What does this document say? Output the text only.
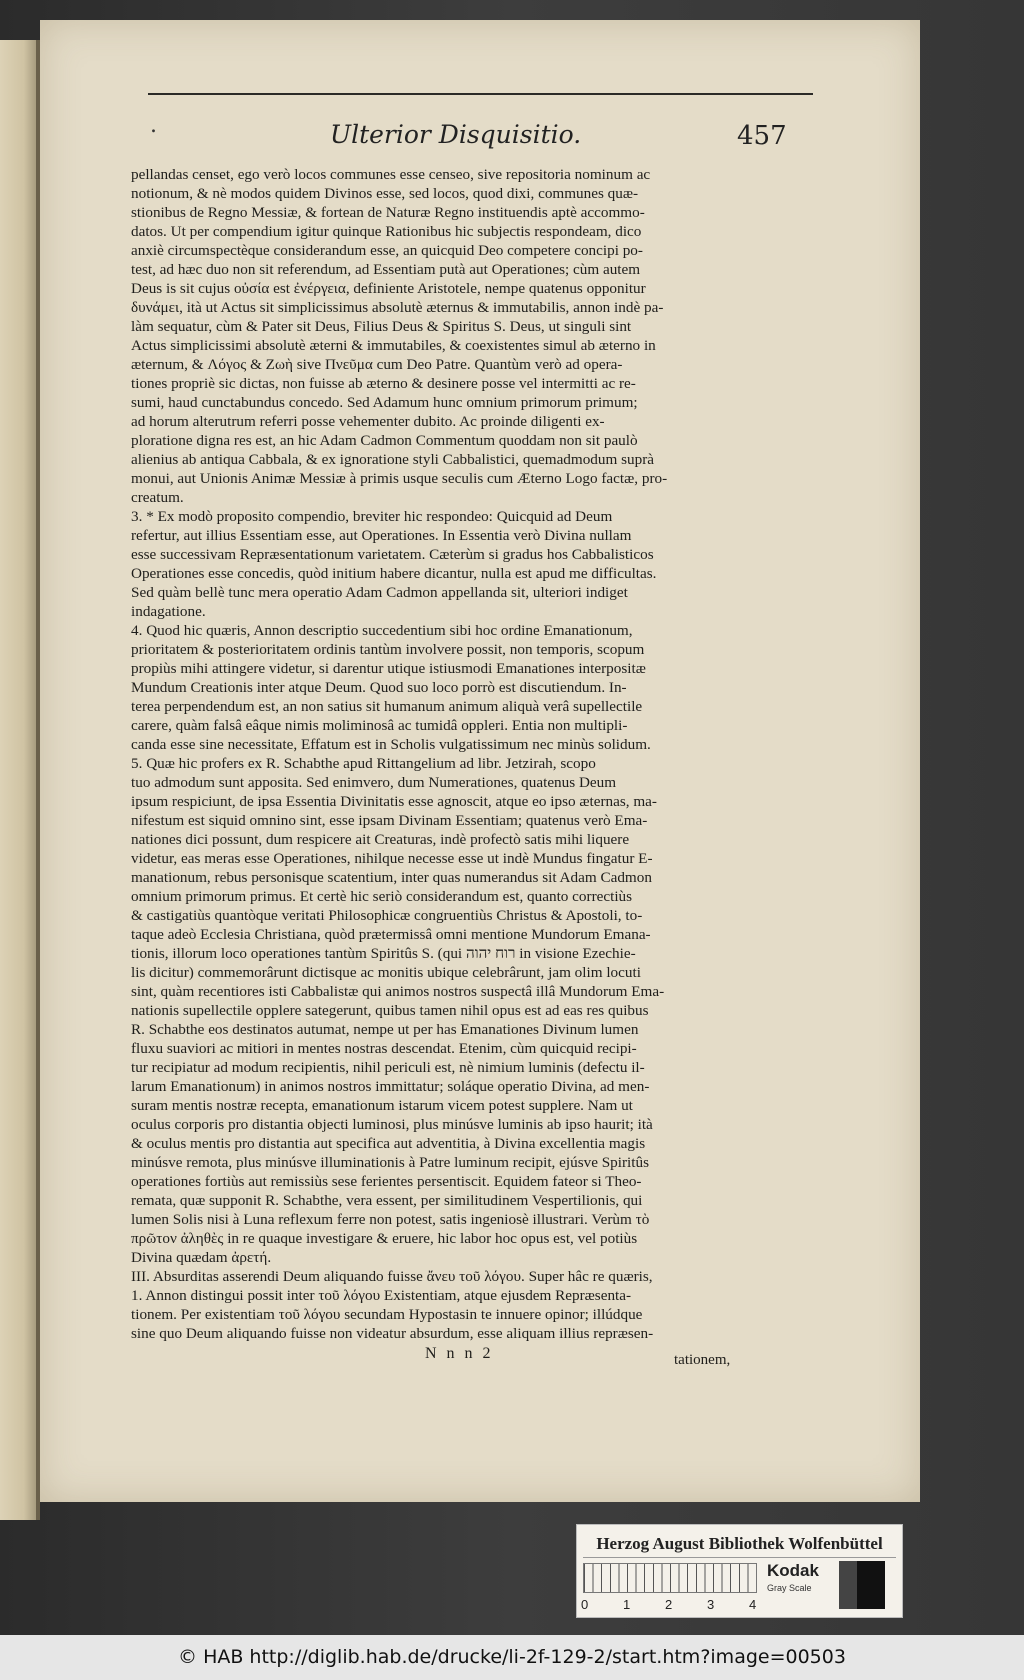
.	Ulterior Disquisitio.	457
pellandas censet, ego verò locos communes esse censeo, sive repositoria nominum ac
notionum, & nè modos quidem Divinos esse, sed locos, quod dixi, communes quæ-
stionibus de Regno Messiæ, & fortean de Naturæ Regno instituendis aptè accommo-
datos. Ut per compendium igitur quinque Rationibus hic subjectis respondeam, dico
anxiè circumspectèque considerandum esse, an quicquid Deo competere concipi po-
test, ad hæc duo non sit referendum, ad Essentiam putà aut Operationes; cùm autem
Deus is sit cujus οὐσία est ἐνέργεια, definiente Aristotele, nempe quatenus opponitur
δυνάμει, ità ut Actus sit simplicissimus absolutè æternus & immutabilis, annon indè pa-
làm sequatur, cùm & Pater sit Deus, Filius Deus & Spiritus S. Deus, ut singuli sint
Actus simplicissimi absolutè æterni & immutabiles, & coexistentes simul ab æterno in
æternum, & Λόγος & Ζωὴ sive Πνεῦμα cum Deo Patre. Quantùm verò ad opera-
tiones propriè sic dictas, non fuisse ab æterno & desinere posse vel intermitti ac re-
sumi, haud cunctabundus concedo. Sed Adamum hunc omnium primorum primum;
ad horum alterutrum referri posse vehementer dubito. Ac proinde diligenti ex-
ploratione digna res est, an hic Adam Cadmon Commentum quoddam non sit paulò
alienius ab antiqua Cabbala, & ex ignoratione styli Cabbalistici, quemadmodum suprà
monui, aut Unionis Animæ Messiæ à primis usque seculis cum Æterno Logo factæ, pro-
creatum.
3. * Ex modò proposito compendio, breviter hic respondeo: Quicquid ad Deum
refertur, aut illius Essentiam esse, aut Operationes. In Essentia verò Divina nullam
esse successivam Repræsentationum varietatem. Cæterùm si gradus hos Cabbalisticos
Operationes esse concedis, quòd initium habere dicantur, nulla est apud me difficultas.
Sed quàm bellè tunc mera operatio Adam Cadmon appellanda sit, ulteriori indiget
indagatione.
4. Quod hic quæris, Annon descriptio succedentium sibi hoc ordine Emanationum,
prioritatem & posterioritatem ordinis tantùm involvere possit, non temporis, scopum
propiùs mihi attingere videtur, si darentur utique istiusmodi Emanationes interpositæ
Mundum Creationis inter atque Deum. Quod suo loco porrò est discutiendum. In-
terea perpendendum est, an non satius sit humanum animum aliquà verâ supellectile
carere, quàm falsâ eâque nimis moliminosâ ac tumidâ oppleri. Entia non multipli-
canda esse sine necessitate, Effatum est in Scholis vulgatissimum nec minùs solidum.
5. Quæ hic profers ex R. Schabthe apud Rittangelium ad libr. Jetzirah, scopo
tuo admodum sunt apposita. Sed enimvero, dum Numerationes, quatenus Deum
ipsum respiciunt, de ipsa Essentia Divinitatis esse agnoscit, atque eo ipso æternas, ma-
nifestum est siquid omnino sint, esse ipsam Divinam Essentiam; quatenus verò Ema-
nationes dici possunt, dum respicere ait Creaturas, indè profectò satis mihi liquere
videtur, eas meras esse Operationes, nihilque necesse esse ut indè Mundus fingatur E-
manationum, rebus personisque scatentium, inter quas numerandus sit Adam Cadmon
omnium primorum primus. Et certè hic seriò considerandum est, quanto correctiùs
& castigatiùs quantòque veritati Philosophicæ congruentiùs Christus & Apostoli, to-
taque adeò Ecclesia Christiana, quòd prætermissâ omni mentione Mundorum Emana-
tionis, illorum loco operationes tantùm Spiritûs S. (qui רוח יהוה in visione Ezechie-
lis dicitur) commemorârunt dictisque ac monitis ubique celebrârunt, jam olim locuti
sint, quàm recentiores isti Cabbalistæ qui animos nostros suspectâ illâ Mundorum Ema-
nationis supellectile opplere sategerunt, quibus tamen nihil opus est ad eas res quibus
R. Schabthe eos destinatos autumat, nempe ut per has Emanationes Divinum lumen
fluxu suaviori ac mitiori in mentes nostras descendat. Etenim, cùm quicquid recipi-
tur recipiatur ad modum recipientis, nihil periculi est, nè nimium luminis (defectu il-
larum Emanationum) in animos nostros immittatur; soláque operatio Divina, ad men-
suram mentis nostræ recepta, emanationum istarum vicem potest supplere. Nam ut
oculus corporis pro distantia objecti luminosi, plus minúsve luminis ab ipso haurit; ità
& oculus mentis pro distantia aut specifica aut adventitia, à Divina excellentia magis
minúsve remota, plus minúsve illuminationis à Patre luminum recipit, ejúsve Spiritûs
operationes fortiùs aut remissiùs sese ferientes persentiscit. Equidem fateor si Theo-
remata, quæ supponit R. Schabthe, vera essent, per similitudinem Vespertilionis, qui
lumen Solis nisi à Luna reflexum ferre non potest, satis ingeniosè illustrari. Verùm τὸ
πρῶτον ἀληθὲς in re quaque investigare & eruere, hic labor hoc opus est, vel potiùs
Divina quædam ἀρετή.
III. Absurditas asserendi Deum aliquando fuisse ἄνευ τοῦ λόγου. Super hâc re quæris,
1. Annon distingui possit inter τοῦ λόγου Existentiam, atque ejusdem Repræsenta-
tionem. Per existentiam τοῦ λόγου secundam Hypostasin te innuere opinor; illúdque
sine quo Deum aliquando fuisse non videatur absurdum, esse aliquam illius repræsen-
N n n 2	tationem,
Herzog August Bibliothek Wolfenbüttel
0	1	2	3	4
Kodak
Gray Scale
© HAB http://diglib.hab.de/drucke/li-2f-129-2/start.htm?image=00503
